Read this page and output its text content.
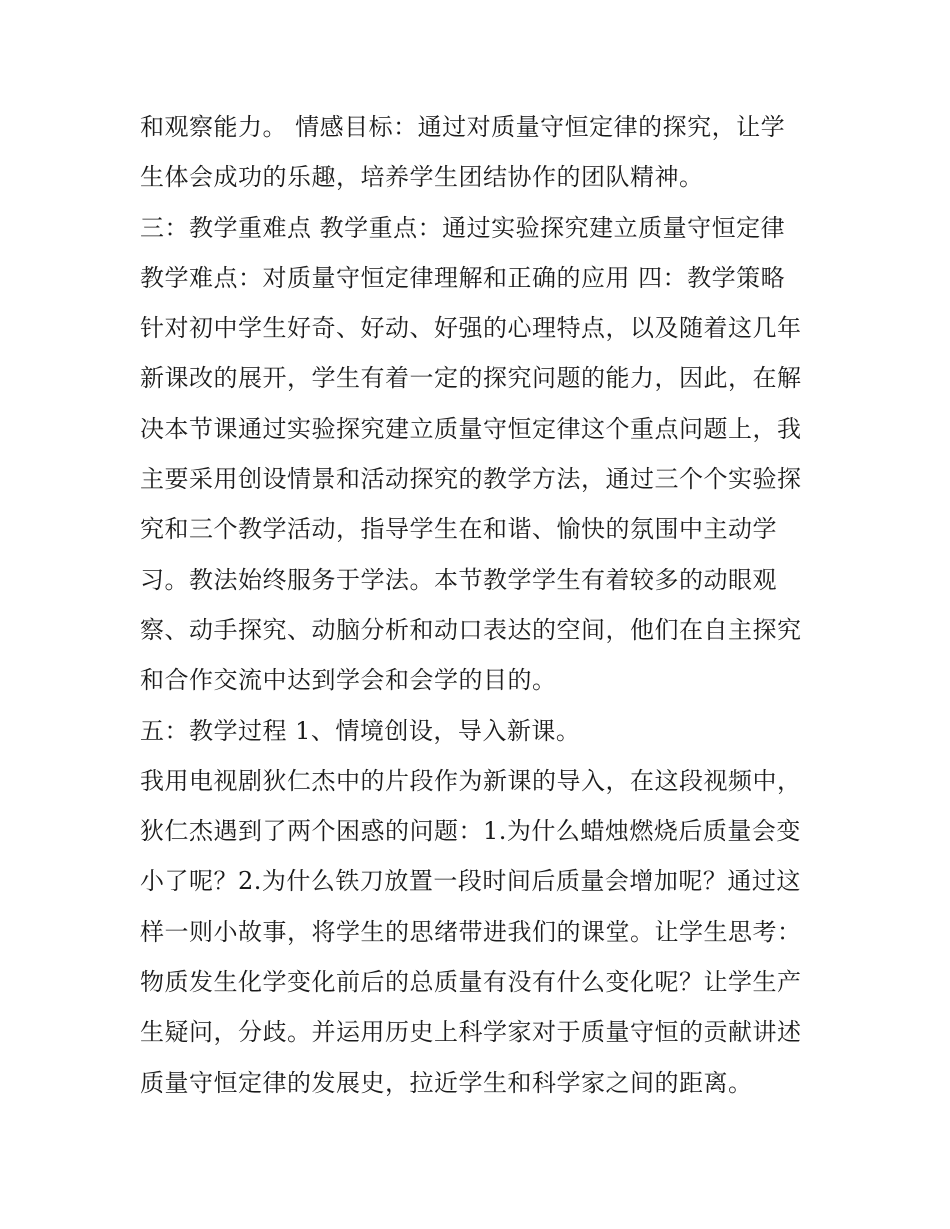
和观察能力。 情感目标：通过对质量守恒定律的探究，让学
生体会成功的乐趣，培养学生团结协作的团队精神。
三：教学重难点 教学重点：通过实验探究建立质量守恒定律
教学难点：对质量守恒定律理解和正确的应用 四：教学策略
针对初中学生好奇、好动、好强的心理特点，以及随着这几年
新课改的展开，学生有着一定的探究问题的能力，因此，在解
决本节课通过实验探究建立质量守恒定律这个重点问题上，我
主要采用创设情景和活动探究的教学方法，通过三个个实验探
究和三个教学活动，指导学生在和谐、愉快的氛围中主动学
习。教法始终服务于学法。本节教学学生有着较多的动眼观
察、动手探究、动脑分析和动口表达的空间，他们在自主探究
和合作交流中达到学会和会学的目的。
五：教学过程 1、情境创设，导入新课。
我用电视剧狄仁杰中的片段作为新课的导入，在这段视频中，
狄仁杰遇到了两个困惑的问题：1.为什么蜡烛燃烧后质量会变
小了呢？2.为什么铁刀放置一段时间后质量会增加呢？通过这
样一则小故事，将学生的思绪带进我们的课堂。让学生思考：
物质发生化学变化前后的总质量有没有什么变化呢？让学生产
生疑问，分歧。并运用历史上科学家对于质量守恒的贡献讲述
质量守恒定律的发展史，拉近学生和科学家之间的距离。
